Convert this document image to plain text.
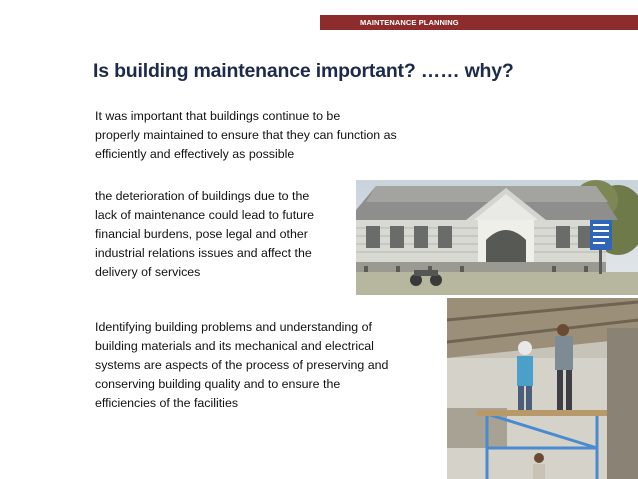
MAINTENANCE PLANNING
Is building maintenance important? …… why?
It was important that buildings continue to be
properly maintained to ensure that they can function as
efficiently and effectively as possible
the deterioration of buildings due to the
lack of maintenance could lead to future
financial burdens, pose legal and other
industrial relations issues and affect the
delivery of services
Identifying building problems and understanding of
building materials and its mechanical and electrical
systems are aspects of the process of preserving and
conserving building quality and to ensure the
efficiencies of the facilities
